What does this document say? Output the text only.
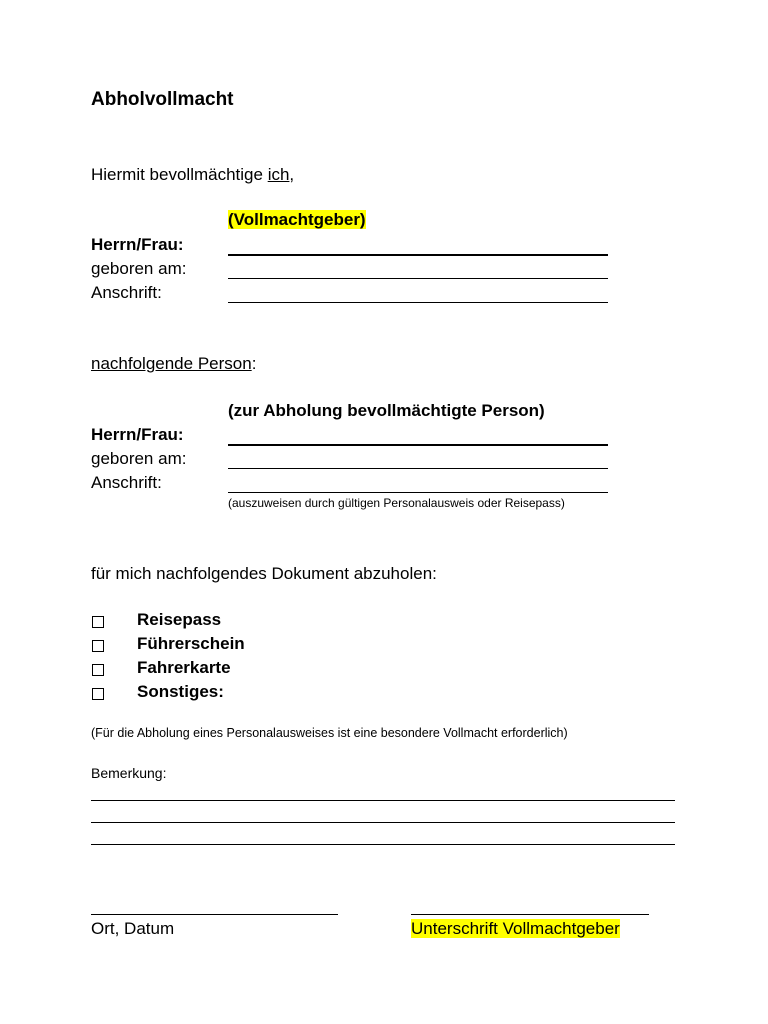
Abholvollmacht
Hiermit bevollmächtige ich,
(Vollmachtgeber)
Herrn/Frau:
geboren am:
Anschrift:
nachfolgende Person:
(zur Abholung bevollmächtigte Person)
Herrn/Frau:
geboren am:
Anschrift:
(auszuweisen durch gültigen Personalausweis oder Reisepass)
für mich nachfolgendes Dokument abzuholen:
Reisepass
Führerschein
Fahrerkarte
Sonstiges:
(Für die Abholung eines Personalausweises ist eine besondere Vollmacht erforderlich)
Bemerkung:
Ort, Datum	Unterschrift Vollmachtgeber
